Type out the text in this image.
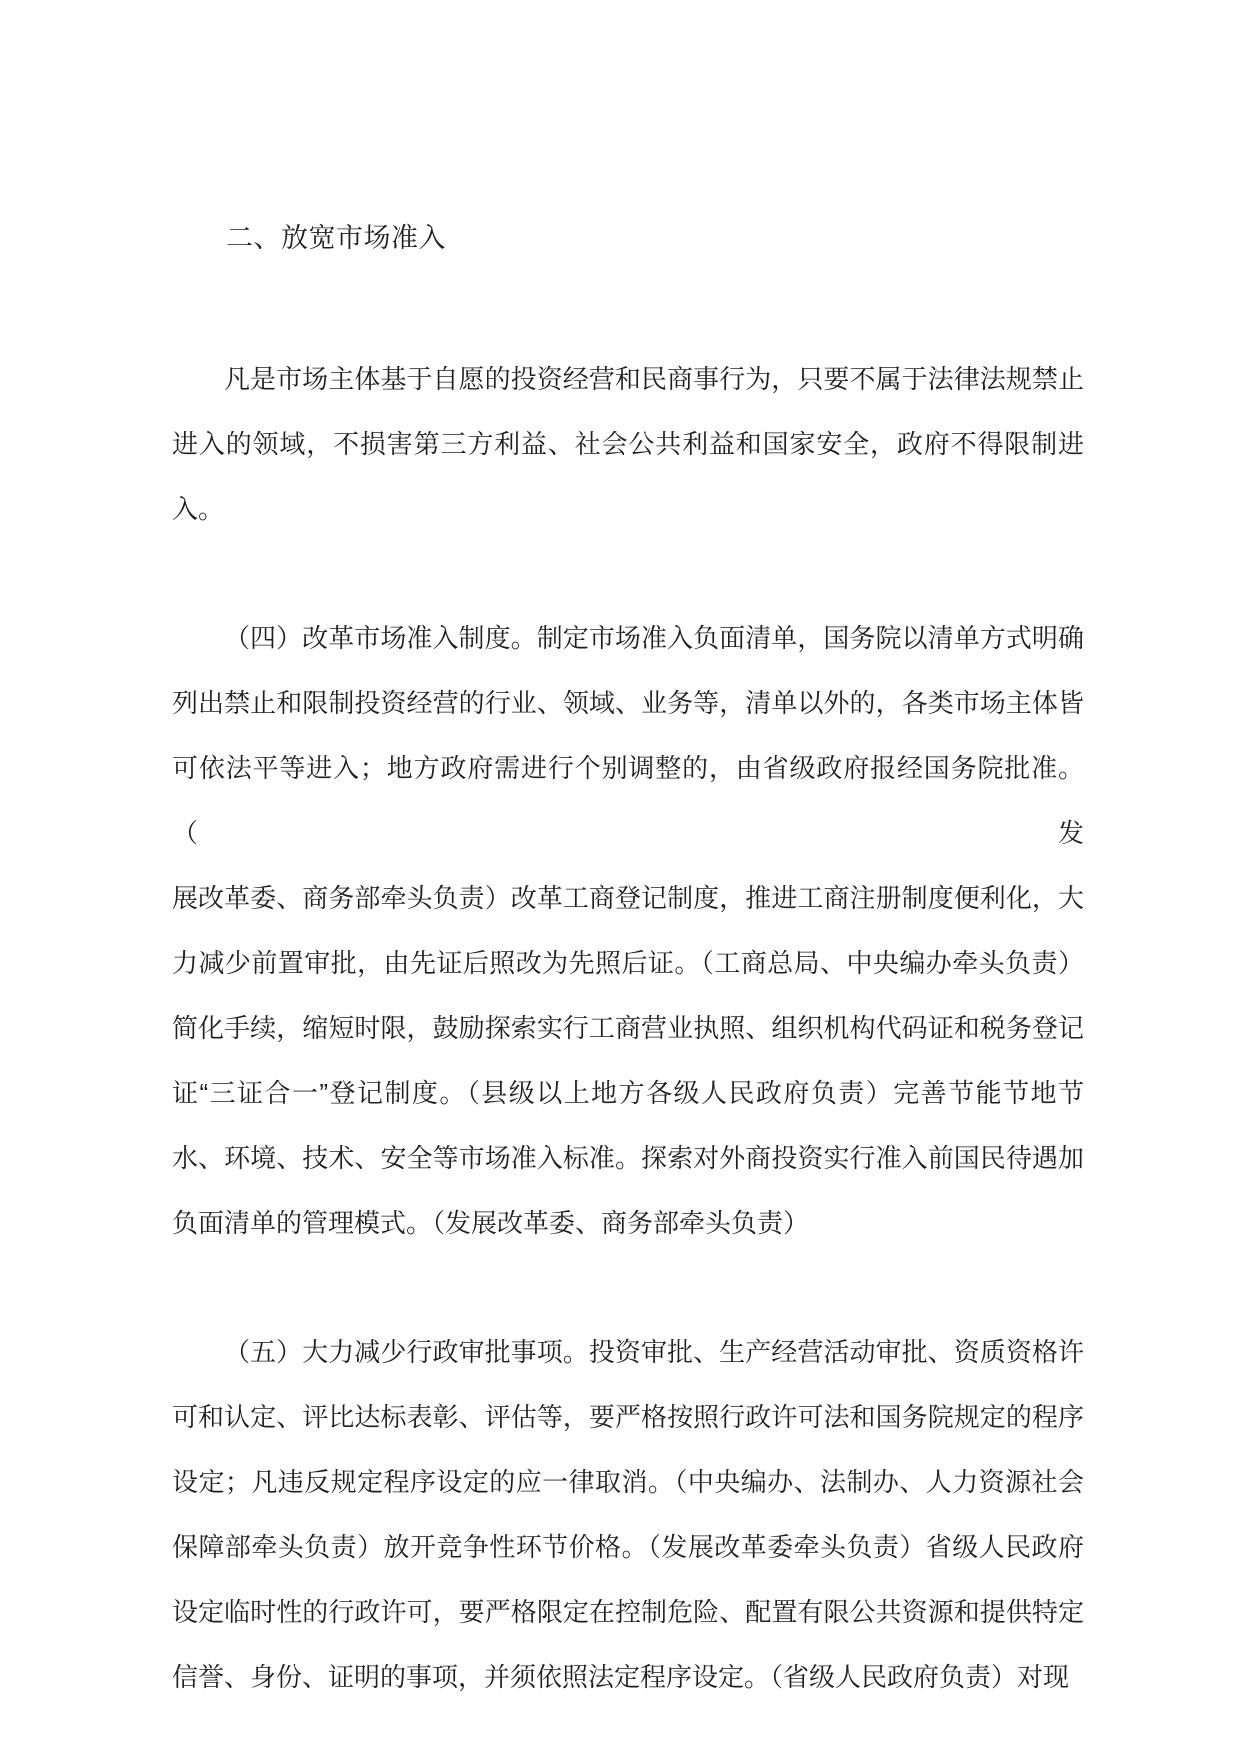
二、放宽市场准入

凡是市场主体基于自愿的投资经营和民商事行为，只要不属于法律法规禁止
进入的领域，不损害第三方利益、社会公共利益和国家安全，政府不得限制进入。

（四）改革市场准入制度。制定市场准入负面清单，国务院以清单方式明确
列出禁止和限制投资经营的行业、领域、业务等，清单以外的，各类市场主体皆
可依法平等进入；地方政府需进行个别调整的，由省级政府报经国务院批准。（发
展改革委、商务部牵头负责）改革工商登记制度，推进工商注册制度便利化，大
力减少前置审批，由先证后照改为先照后证。（工商总局、中央编办牵头负责）
简化手续，缩短时限，鼓励探索实行工商营业执照、组织机构代码证和税务登记
证“三证合一”登记制度。（县级以上地方各级人民政府负责）完善节能节地节
水、环境、技术、安全等市场准入标准。探索对外商投资实行准入前国民待遇加
负面清单的管理模式。（发展改革委、商务部牵头负责）

（五）大力减少行政审批事项。投资审批、生产经营活动审批、资质资格许
可和认定、评比达标表彰、评估等，要严格按照行政许可法和国务院规定的程序
设定；凡违反规定程序设定的应一律取消。（中央编办、法制办、人力资源社会
保障部牵头负责）放开竞争性环节价格。（发展改革委牵头负责）省级人民政府
设定临时性的行政许可，要严格限定在控制危险、配置有限公共资源和提供特定
信誉、身份、证明的事项，并须依照法定程序设定。（省级人民政府负责）对现
